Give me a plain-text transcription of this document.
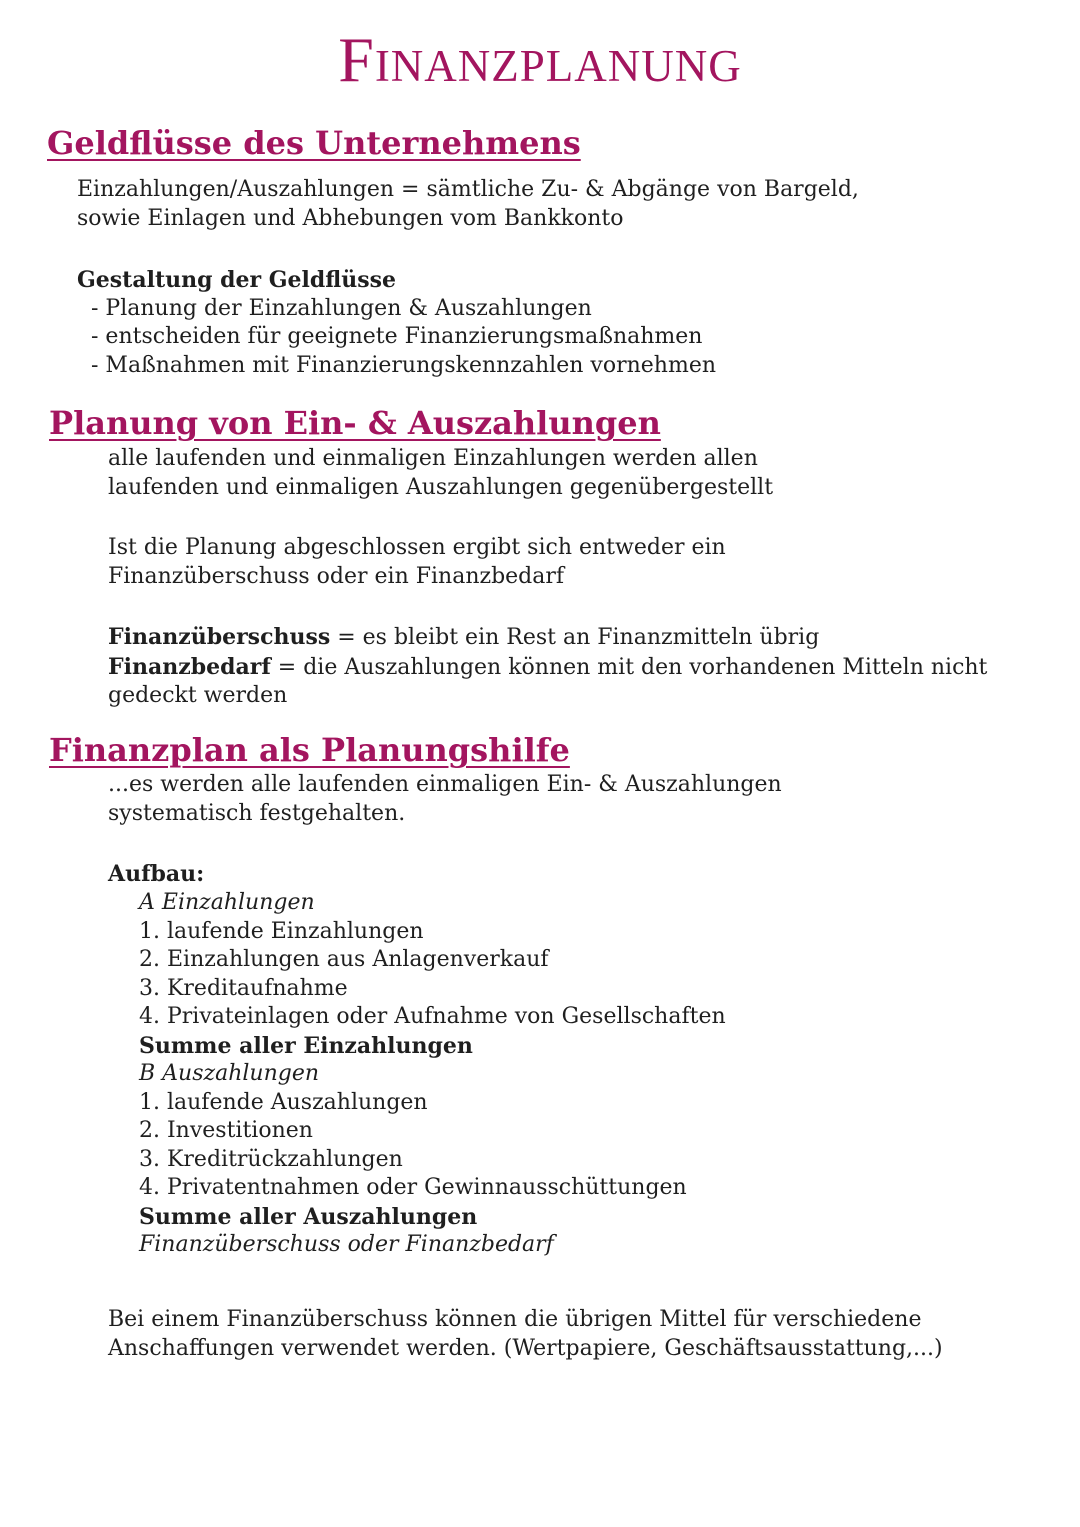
Finanzplanung
Geldflüsse des Unternehmens
Einzahlungen/Auszahlungen = sämtliche Zu- & Abgänge von Bargeld,
sowie Einlagen und Abhebungen vom Bankkonto
Gestaltung der Geldflüsse
- Planung der Einzahlungen & Auszahlungen
- entscheiden für geeignete Finanzierungsmaßnahmen
- Maßnahmen mit Finanzierungskennzahlen vornehmen
Planung von Ein- & Auszahlungen
alle laufenden und einmaligen Einzahlungen werden allen
laufenden und einmaligen Auszahlungen gegenübergestellt
Ist die Planung abgeschlossen ergibt sich entweder ein
Finanzüberschuss oder ein Finanzbedarf
Finanzüberschuss = es bleibt ein Rest an Finanzmitteln übrig
Finanzbedarf = die Auszahlungen können mit den vorhandenen Mitteln nicht
gedeckt werden
Finanzplan als Planungshilfe
...es werden alle laufenden einmaligen Ein- & Auszahlungen
systematisch festgehalten.
Aufbau:
A Einzahlungen
1. laufende Einzahlungen
2. Einzahlungen aus Anlagenverkauf
3. Kreditaufnahme
4. Privateinlagen oder Aufnahme von Gesellschaften
Summe aller Einzahlungen
B Auszahlungen
1. laufende Auszahlungen
2. Investitionen
3. Kreditrückzahlungen
4. Privatentnahmen oder Gewinnausschüttungen
Summe aller Auszahlungen
Finanzüberschuss oder Finanzbedarf
Bei einem Finanzüberschuss können die übrigen Mittel für verschiedene
Anschaffungen verwendet werden. (Wertpapiere, Geschäftsausstattung,...)
